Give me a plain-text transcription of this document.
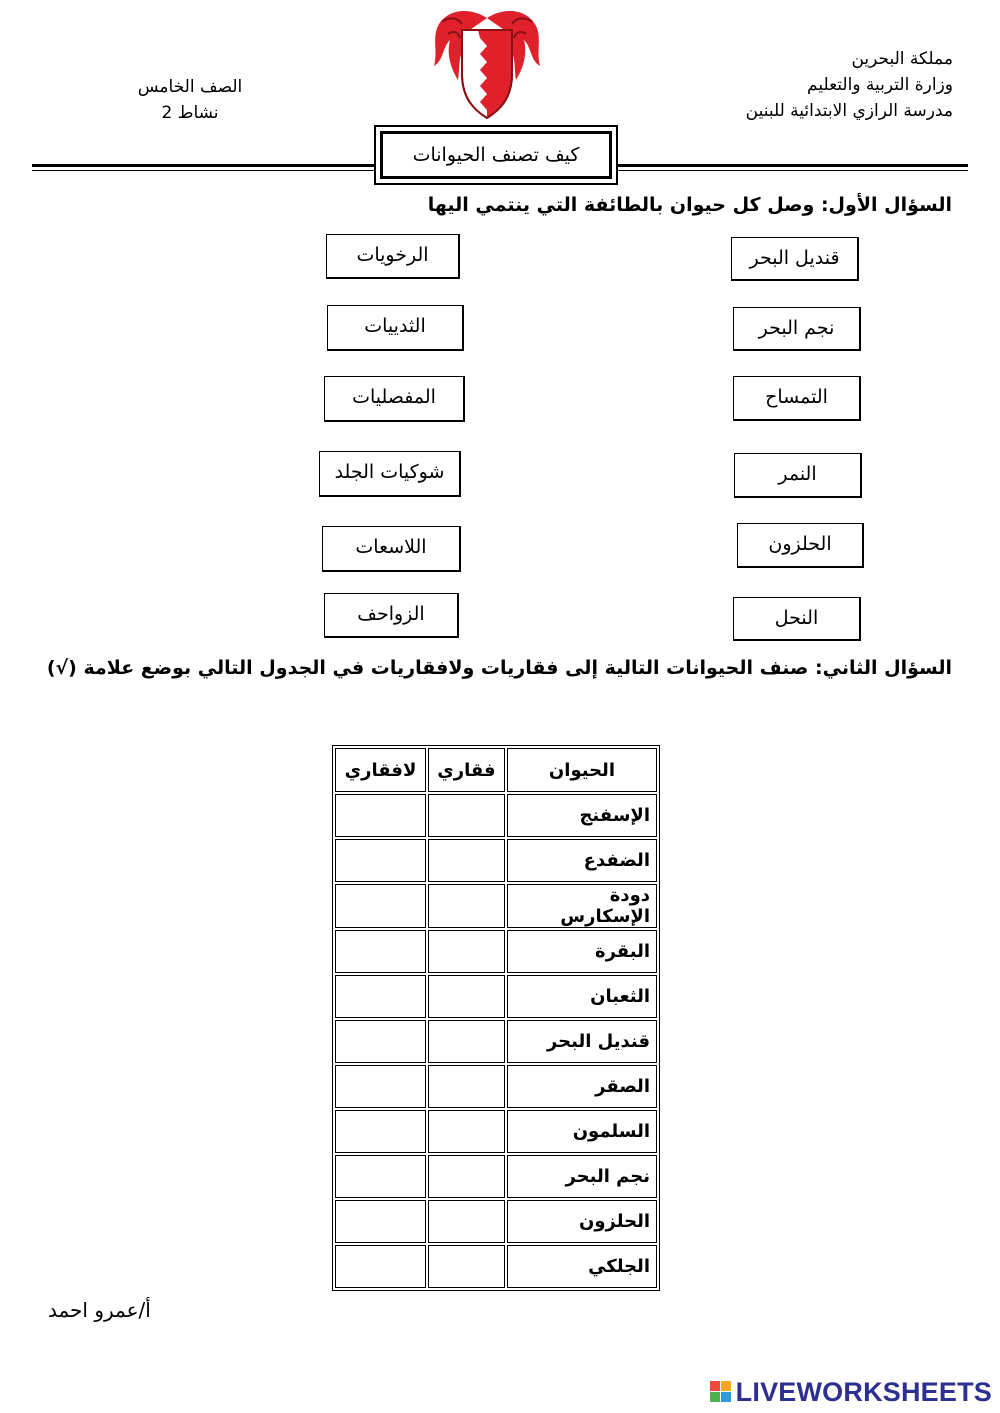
مملكة البحرين
وزارة التربية والتعليم
مدرسة الرازي الابتدائية للبنين
الصف الخامس
نشاط 2
كيف تصنف الحيوانات
السؤال الأول: وصل كل حيوان بالطائفة التي ينتمي اليها
قنديل البحر
نجم البحر
التمساح
النمر
الحلزون
النحل
الرخويات
الثدييات
المفصليات
شوكيات الجلد
اللاسعات
الزواحف
السؤال الثاني: صنف الحيوانات التالية إلى فقاريات ولافقاريات في الجدول التالي بوضع علامة (√)
الحيوان	فقاري	لافقاري
الإسفنج		
الضفدع		
دودة الإسكارس		
البقرة		
الثعبان		
قنديل البحر		
الصقر		
السلمون		
نجم البحر		
الحلزون		
الجلكي		
أ/عمرو احمد
LIVEWORKSHEETS
